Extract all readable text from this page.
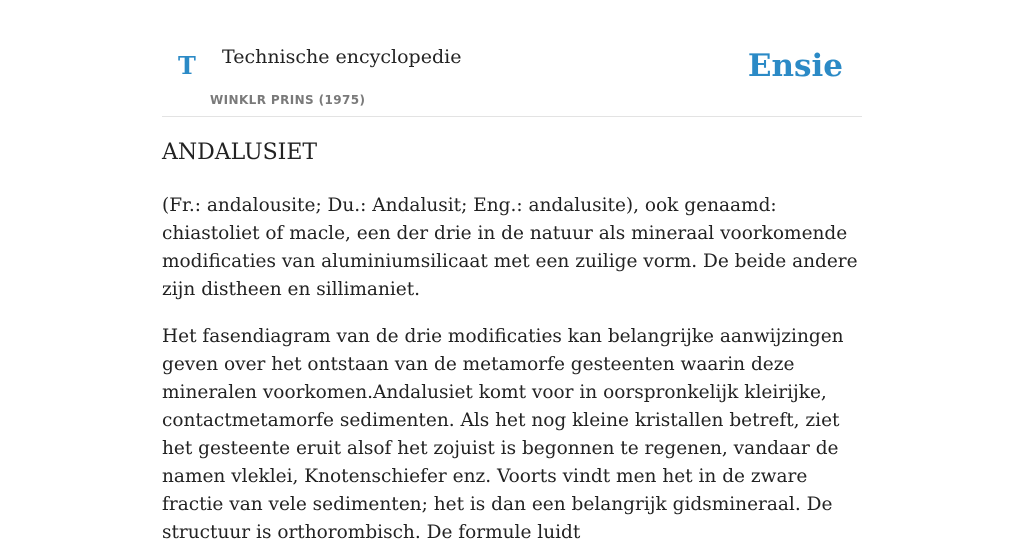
T Technische encyclopedie
WINKLR PRINS (1975)
Ensie
ANDALUSIET

(Fr.: andalousite; Du.: Andalusit; Eng.: andalusite), ook genaamd: chiastoliet of macle, een der drie in de natuur als mineraal voorkomende modificaties van aluminiumsilicaat met een zuilige vorm. De beide andere zijn distheen en sillimaniet.

Het fasendiagram van de drie modificaties kan belangrijke aanwijzingen geven over het ontstaan van de metamorfe gesteenten waarin deze mineralen voorkomen.Andalusiet komt voor in oorspronkelijk kleirijke, contactmetamorfe sedimenten. Als het nog kleine kristallen betreft, ziet het gesteente eruit alsof het zojuist is begonnen te regenen, vandaar de namen vleklei, Knotenschiefer enz. Voorts vindt men het in de zware fractie van vele sedimenten; het is dan een belangrijk gidsmineraal. De structuur is orthorombisch. De formule luidt
